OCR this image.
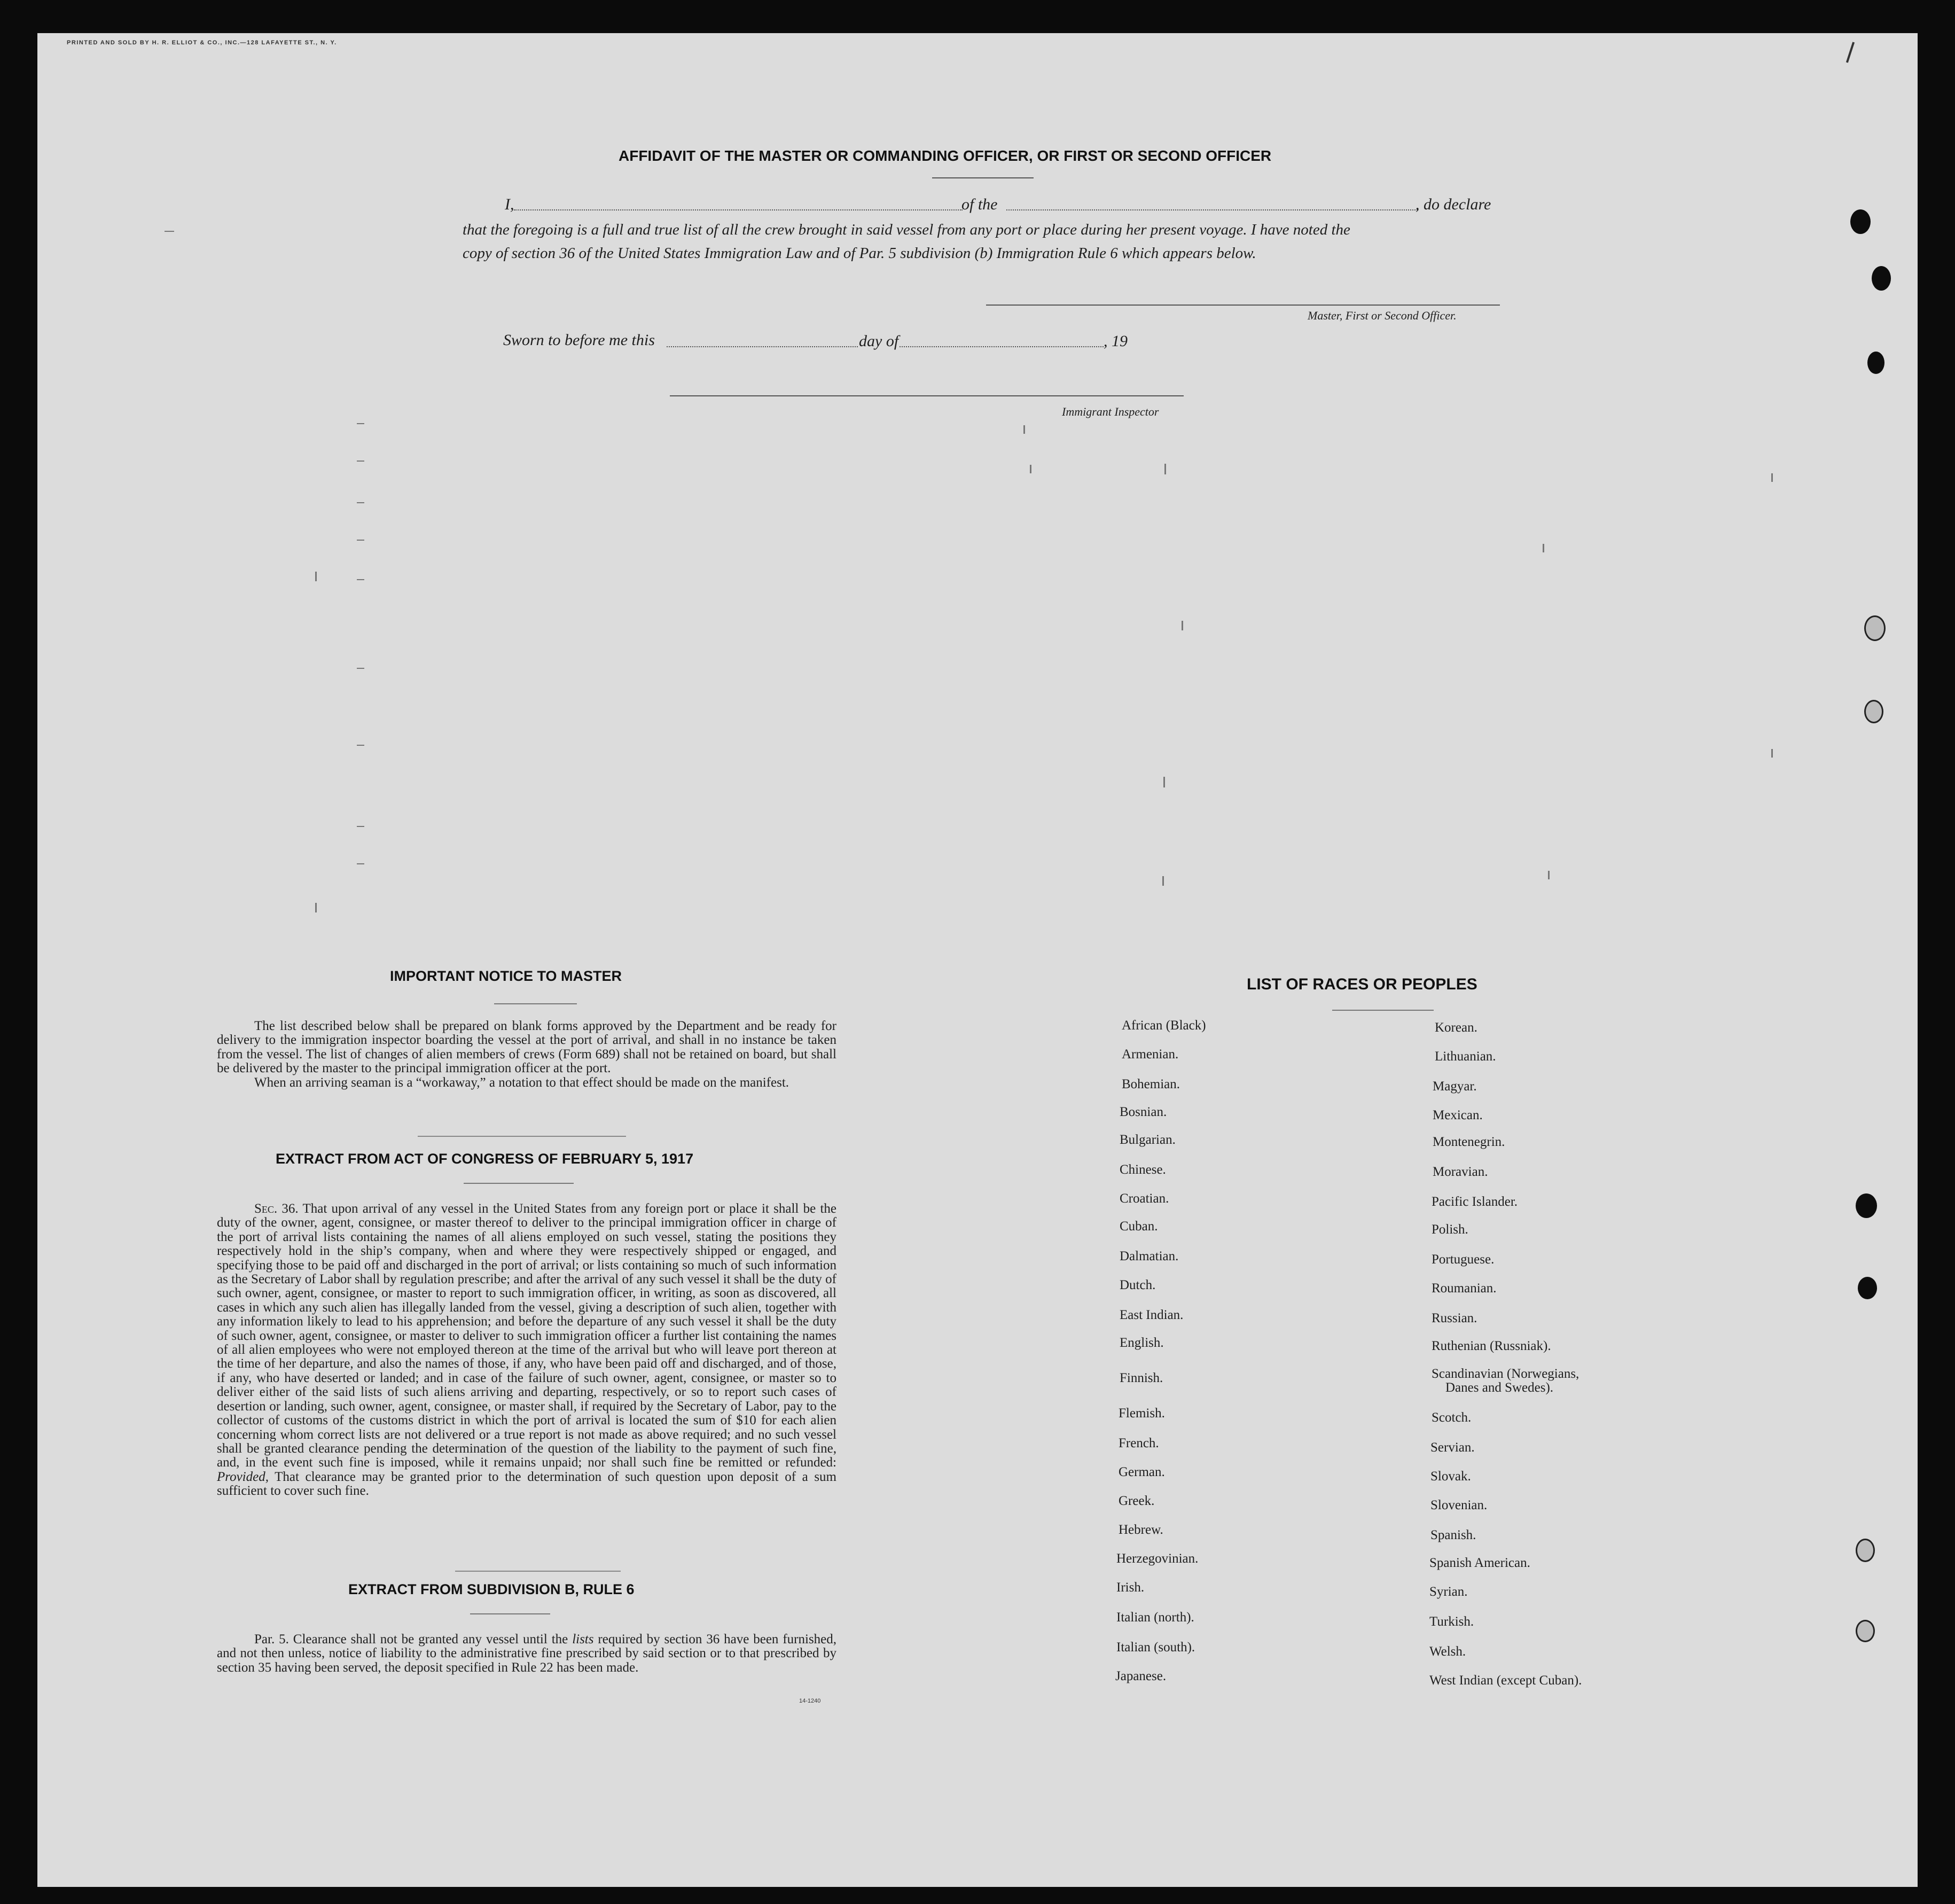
PRINTED AND SOLD BY H. R. ELLIOT & CO., INC.—128 LAFAYETTE ST., N. Y.
AFFIDAVIT OF THE MASTER OR COMMANDING OFFICER, OR FIRST OR SECOND OFFICER
I,	of the	, do declare
that the foregoing is a full and true list of all the crew brought in said vessel from any port or place during her present voyage. I have noted the
copy of section 36 of the United States Immigration Law and of Par. 5 subdivision (b) Immigration Rule 6 which appears below.
Master, First or Second Officer.
Sworn to before me this	day of	, 19
Immigrant Inspector
IMPORTANT NOTICE TO MASTER

The list described below shall be prepared on blank forms approved by the Department and be ready for delivery to the immigration inspector boarding the vessel at the port of arrival, and shall in no instance be taken from the vessel. The list of changes of alien members of crews (Form 689) shall not be retained on board, but shall be delivered by the master to the principal immigration officer at the port.

When an arriving seaman is a “workaway,” a notation to that effect should be made on the manifest.

EXTRACT FROM ACT OF CONGRESS OF FEBRUARY 5, 1917

Sec. 36. That upon arrival of any vessel in the United States from any foreign port or place it shall be the duty of the owner, agent, consignee, or master thereof to deliver to the principal immigration officer in charge of the port of arrival lists containing the names of all aliens employed on such vessel, stating the positions they respectively hold in the ship’s company, when and where they were respectively shipped or engaged, and specifying those to be paid off and discharged in the port of arrival; or lists containing so much of such information as the Secretary of Labor shall by regulation prescribe; and after the arrival of any such vessel it shall be the duty of such owner, agent, consignee, or master to report to such immigration officer, in writing, as soon as discovered, all cases in which any such alien has illegally landed from the vessel, giving a description of such alien, together with any information likely to lead to his apprehension; and before the departure of any such vessel it shall be the duty of such owner, agent, consignee, or master to deliver to such immigration officer a further list containing the names of all alien employees who were not employed thereon at the time of the arrival but who will leave port thereon at the time of her departure, and also the names of those, if any, who have been paid off and discharged, and of those, if any, who have deserted or landed; and in case of the failure of such owner, agent, consignee, or master so to deliver either of the said lists of such aliens arriving and departing, respectively, or so to report such cases of desertion or landing, such owner, agent, consignee, or master shall, if required by the Secretary of Labor, pay to the collector of customs of the customs district in which the port of arrival is located the sum of $10 for each alien concerning whom correct lists are not delivered or a true report is not made as above required; and no such vessel shall be granted clearance pending the determination of the question of the liability to the payment of such fine, and, in the event such fine is imposed, while it remains unpaid; nor shall such fine be remitted or refunded: Provided, That clearance may be granted prior to the determination of such question upon deposit of a sum sufficient to cover such fine.

EXTRACT FROM SUBDIVISION B, RULE 6

Par. 5. Clearance shall not be granted any vessel until the lists required by section 36 have been furnished, and not then unless, notice of liability to the administrative fine prescribed by said section or to that prescribed by section 35 having been served, the deposit specified in Rule 22 has been made.

14-1240
LIST OF RACES OR PEOPLES
African (Black)
Armenian.
Bohemian.
Bosnian.
Bulgarian.
Chinese.
Croatian.
Cuban.
Dalmatian.
Dutch.
East Indian.
English.
Finnish.
Flemish.
French.
German.
Greek.
Hebrew.
Herzegovinian.
Irish.
Italian (north).
Italian (south).
Japanese.
Korean.
Lithuanian.
Magyar.
Mexican.
Montenegrin.
Moravian.
Pacific Islander.
Polish.
Portuguese.
Roumanian.
Russian.
Ruthenian (Russniak).
Scandinavian (Norwegians,
Danes and Swedes).
Scotch.
Servian.
Slovak.
Slovenian.
Spanish.
Spanish American.
Syrian.
Turkish.
Welsh.
West Indian (except Cuban).
